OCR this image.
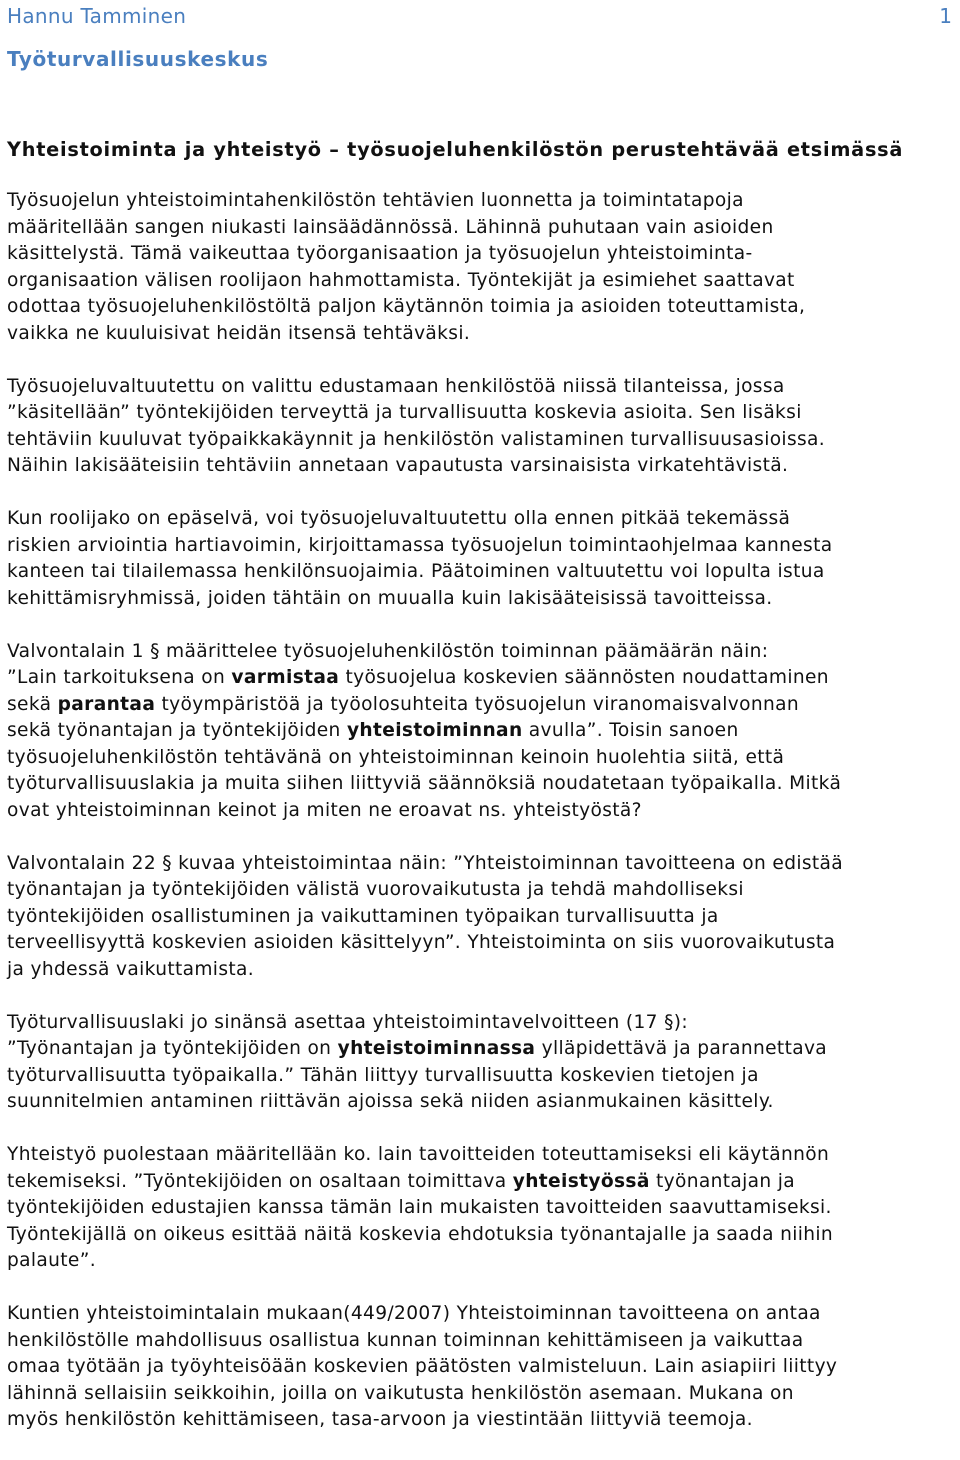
Hannu Tamminen	1
Työturvallisuuskeskus
Yhteistoiminta ja yhteistyö – työsuojeluhenkilöstön perustehtävää etsimässä

Työsuojelun yhteistoimintahenkilöstön tehtävien luonnetta ja toimintatapoja
määritellään sangen niukasti lainsäädännössä. Lähinnä puhutaan vain asioiden
käsittelystä. Tämä vaikeuttaa työorganisaation ja työsuojelun yhteistoiminta-
organisaation välisen roolijaon hahmottamista. Työntekijät ja esimiehet saattavat
odottaa työsuojeluhenkilöstöltä paljon käytännön toimia ja asioiden toteuttamista,
vaikka ne kuuluisivat heidän itsensä tehtäväksi.

Työsuojeluvaltuutettu on valittu edustamaan henkilöstöä niissä tilanteissa, jossa
”käsitellään” työntekijöiden terveyttä ja turvallisuutta koskevia asioita. Sen lisäksi
tehtäviin kuuluvat työpaikkakäynnit ja henkilöstön valistaminen turvallisuusasioissa.
Näihin lakisääteisiin tehtäviin annetaan vapautusta varsinaisista virkatehtävistä.

Kun roolijako on epäselvä, voi työsuojeluvaltuutettu olla ennen pitkää tekemässä
riskien arviointia hartiavoimin, kirjoittamassa työsuojelun toimintaohjelmaa kannesta
kanteen tai tilailemassa henkilönsuojaimia. Päätoiminen valtuutettu voi lopulta istua
kehittämisryhmissä, joiden tähtäin on muualla kuin lakisääteisissä tavoitteissa.

Valvontalain 1 § määrittelee työsuojeluhenkilöstön toiminnan päämäärän näin:
”Lain tarkoituksena on varmistaa työsuojelua koskevien säännösten noudattaminen
sekä parantaa työympäristöä ja työolosuhteita työsuojelun viranomaisvalvonnan
sekä työnantajan ja työntekijöiden yhteistoiminnan avulla”. Toisin sanoen
työsuojeluhenkilöstön tehtävänä on yhteistoiminnan keinoin huolehtia siitä, että
työturvallisuuslakia ja muita siihen liittyviä säännöksiä noudatetaan työpaikalla. Mitkä
ovat yhteistoiminnan keinot ja miten ne eroavat ns. yhteistyöstä?

Valvontalain 22 § kuvaa yhteistoimintaa näin: ”Yhteistoiminnan tavoitteena on edistää
työnantajan ja työntekijöiden välistä vuorovaikutusta ja tehdä mahdolliseksi
työntekijöiden osallistuminen ja vaikuttaminen työpaikan turvallisuutta ja
terveellisyyttä koskevien asioiden käsittelyyn”. Yhteistoiminta on siis vuorovaikutusta
ja yhdessä vaikuttamista.

Työturvallisuuslaki jo sinänsä asettaa yhteistoimintavelvoitteen (17 §):
”Työnantajan ja työntekijöiden on yhteistoiminnassa ylläpidettävä ja parannettava
työturvallisuutta työpaikalla.” Tähän liittyy turvallisuutta koskevien tietojen ja
suunnitelmien antaminen riittävän ajoissa sekä niiden asianmukainen käsittely.

Yhteistyö puolestaan määritellään ko. lain tavoitteiden toteuttamiseksi eli käytännön
tekemiseksi. ”Työntekijöiden on osaltaan toimittava yhteistyössä työnantajan ja
työntekijöiden edustajien kanssa tämän lain mukaisten tavoitteiden saavuttamiseksi.
Työntekijällä on oikeus esittää näitä koskevia ehdotuksia työnantajalle ja saada niihin
palaute”.

Kuntien yhteistoimintalain mukaan(449/2007) Yhteistoiminnan tavoitteena on antaa
henkilöstölle mahdollisuus osallistua kunnan toiminnan kehittämiseen ja vaikuttaa
omaa työtään ja työyhteisöään koskevien päätösten valmisteluun. Lain asiapiiri liittyy
lähinnä sellaisiin seikkoihin, joilla on vaikutusta henkilöstön asemaan. Mukana on
myös henkilöstön kehittämiseen, tasa-arvoon ja viestintään liittyviä teemoja.
